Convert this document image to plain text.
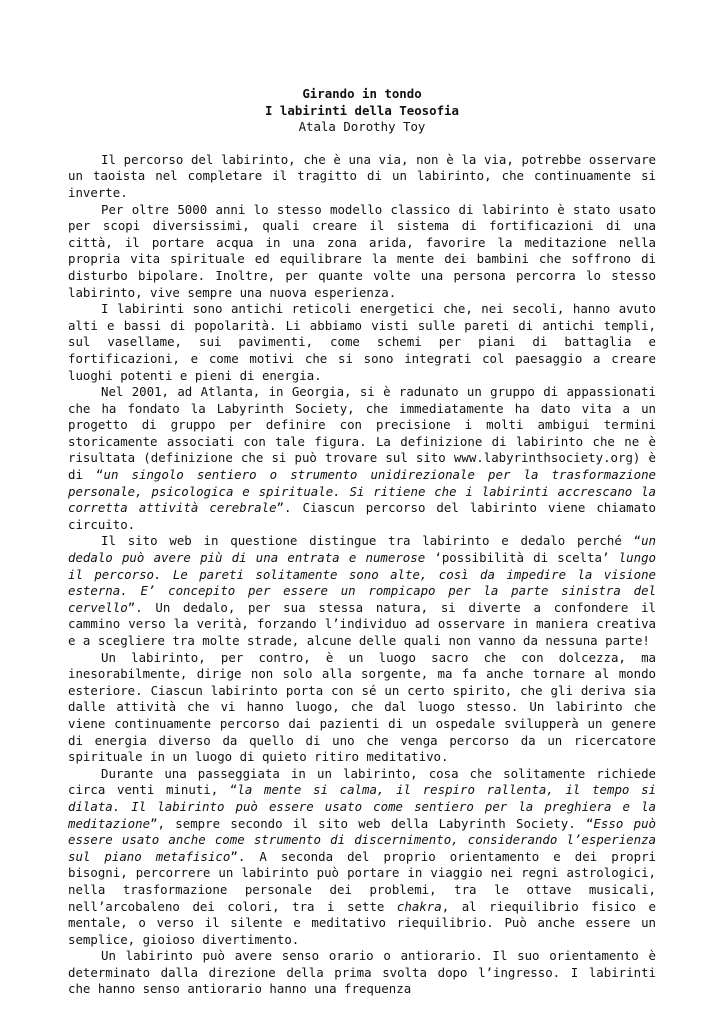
Girando in tondo
I labirinti della Teosofia
Atala Dorothy Toy

Il percorso del labirinto, che è una via, non è la via, potrebbe osservare un taoista nel completare il tragitto di un labirinto, che continuamente si inverte.

Per oltre 5000 anni lo stesso modello classico di labirinto è stato usato per scopi diversissimi, quali creare il sistema di fortificazioni di una città, il portare acqua in una zona arida, favorire la meditazione nella propria vita spirituale ed equilibrare la mente dei bambini che soffrono di disturbo bipolare. Inoltre, per quante volte una persona percorra lo stesso labirinto, vive sempre una nuova esperienza.

I labirinti sono antichi reticoli energetici che, nei secoli, hanno avuto alti e bassi di popolarità. Li abbiamo visti sulle pareti di antichi templi, sul vasellame, sui pavimenti, come schemi per piani di battaglia e fortificazioni, e come motivi che si sono integrati col paesaggio a creare luoghi potenti e pieni di energia.

Nel 2001, ad Atlanta, in Georgia, si è radunato un gruppo di appassionati che ha fondato la Labyrinth Society, che immediatamente ha dato vita a un progetto di gruppo per definire con precisione i molti ambigui termini storicamente associati con tale figura. La definizione di labirinto che ne è risultata (definizione che si può trovare sul sito www.labyrinthsociety.org) è di “un singolo sentiero o strumento unidirezionale per la trasformazione personale, psicologica e spirituale. Si ritiene che i labirinti accrescano la corretta attività cerebrale”. Ciascun percorso del labirinto viene chiamato circuito.

Il sito web in questione distingue tra labirinto e dedalo perché “un dedalo può avere più di una entrata e numerose ‘possibilità di scelta’ lungo il percorso. Le pareti solitamente sono alte, così da impedire la visione esterna. E’ concepito per essere un rompicapo per la parte sinistra del cervello”. Un dedalo, per sua stessa natura, si diverte a confondere il cammino verso la verità, forzando l’individuo ad osservare in maniera creativa e a scegliere tra molte strade, alcune delle quali non vanno da nessuna parte!

Un labirinto, per contro, è un luogo sacro che con dolcezza, ma inesorabilmente, dirige non solo alla sorgente, ma fa anche tornare al mondo esteriore. Ciascun labirinto porta con sé un certo spirito, che gli deriva sia dalle attività che vi hanno luogo, che dal luogo stesso. Un labirinto che viene continuamente percorso dai pazienti di un ospedale svilupperà un genere di energia diverso da quello di uno che venga percorso da un ricercatore spirituale in un luogo di quieto ritiro meditativo.

Durante una passeggiata in un labirinto, cosa che solitamente richiede circa venti minuti, “la mente si calma, il respiro rallenta, il tempo si dilata. Il labirinto può essere usato come sentiero per la preghiera e la meditazione”, sempre secondo il sito web della Labyrinth Society. “Esso può essere usato anche come strumento di discernimento, considerando l’esperienza sul piano metafisico”. A seconda del proprio orientamento e dei propri bisogni, percorrere un labirinto può portare in viaggio nei regni astrologici, nella trasformazione personale dei problemi, tra le ottave musicali, nell’arcobaleno dei colori, tra i sette chakra, al riequilibrio fisico e mentale, o verso il silente e meditativo riequilibrio. Può anche essere un semplice, gioioso divertimento.

Un labirinto può avere senso orario o antiorario. Il suo orientamento è determinato dalla direzione della prima svolta dopo l’ingresso. I labirinti che hanno senso antiorario hanno una frequenza
